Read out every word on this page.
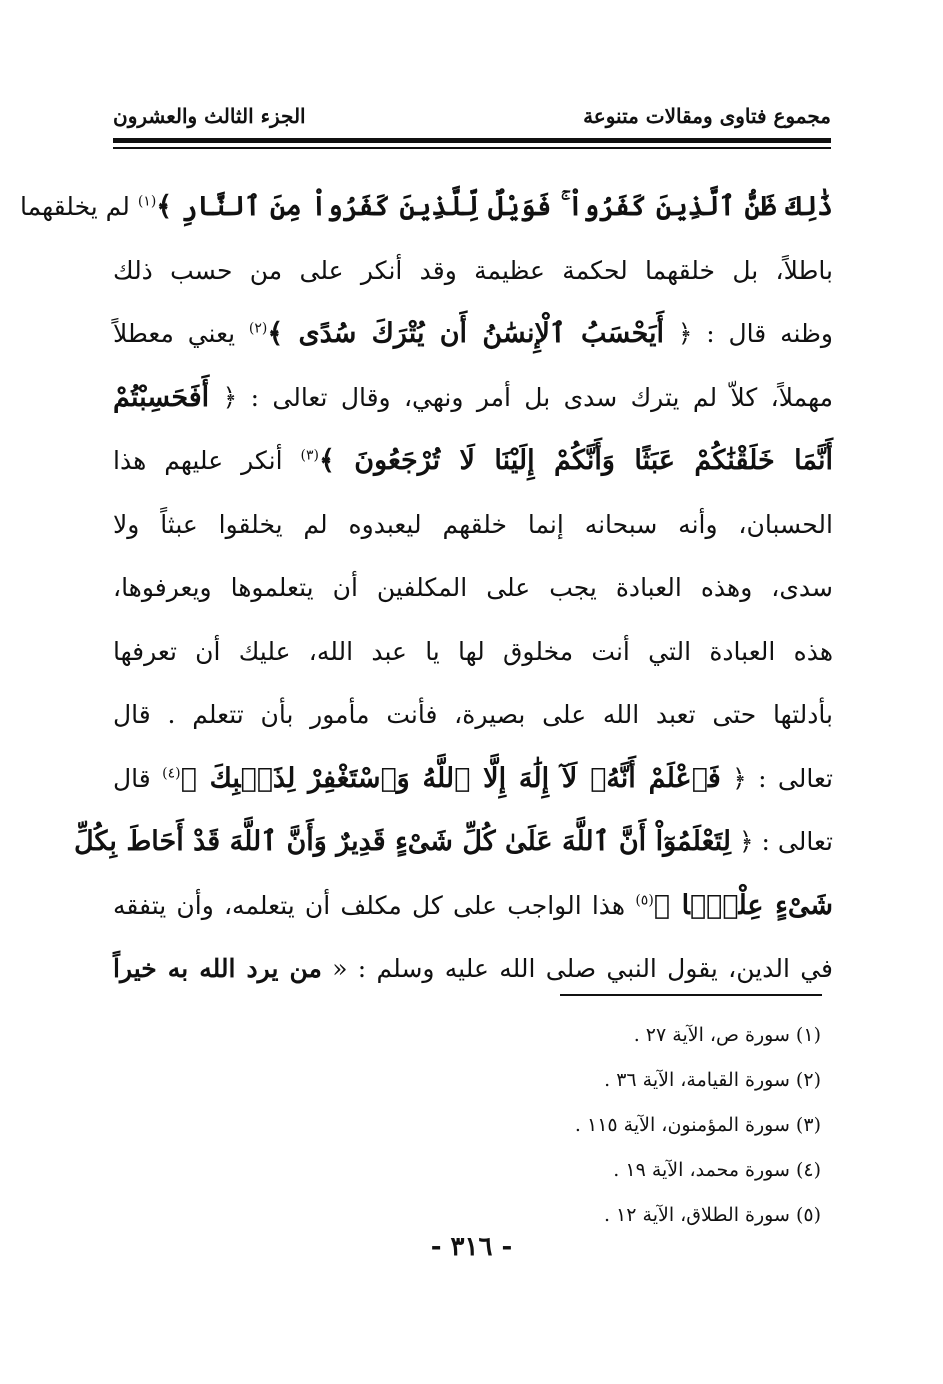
مجموع فتاوى ومقالات متنوعة
الجزء الثالث والعشرون
ذَٰلِكَ ظَنُّ ٱلَّذِينَ كَفَرُواْ ۚ فَوَيْلٌ لِّلَّذِينَ كَفَرُواْ مِنَ ٱلنَّارِ ﴾$^{(١)}$ لم يخلقهما
باطلاً، بل خلقهما لحكمة عظيمة وقد أنكر على من حسب ذلك
وظنه قال : ﴿ أَيَحْسَبُ ٱلْإِنسَٰنُ أَن يُتْرَكَ سُدًى ﴾$^{(٢)}$ يعني معطلاً
مهملاً، كلاّ لم يترك سدى بل أمر ونهي، وقال تعالى : ﴿ أَفَحَسِبْتُمْ
أَنَّمَا خَلَقْنَٰكُمْ عَبَثًا وَأَنَّكُمْ إِلَيْنَا لَا تُرْجَعُونَ ﴾$^{(٣)}$ أنكر عليهم هذا
الحسبان، وأنه سبحانه إنما خلقهم ليعبدوه لم يخلقوا عبثاً ولا
سدى، وهذه العبادة يجب على المكلفين أن يتعلموها ويعرفوها،
هذه العبادة التي أنت مخلوق لها يا عبد الله، عليك أن تعرفها
بأدلتها حتى تعبد الله على بصيرة، فأنت مأمور بأن تتعلم . قال
تعالى : ﴿ فَٱعْلَمْ أَنَّهُۥ لَآ إِلَٰهَ إِلَّا ٱللَّهُ وَٱسْتَغْفِرْ لِذَنۢبِكَ ﴾$^{(٤)}$ قال
تعالى : ﴿ لِتَعْلَمُوٓاْ أَنَّ ٱللَّهَ عَلَىٰ كُلِّ شَىْءٍ قَدِيرٌ وَأَنَّ ٱللَّهَ قَدْ أَحَاطَ بِكُلِّ
شَىْءٍ عِلْمًۢا ﴾$^{(٥)}$ هذا الواجب على كل مكلف أن يتعلمه، وأن يتفقه
في الدين، يقول النبي صلى الله عليه وسلم : « من يرد الله به خيراً
(١) سورة ص، الآية ٢٧ .
(٢) سورة القيامة، الآية ٣٦ .
(٣) سورة المؤمنون، الآية ١١٥ .
(٤) سورة محمد، الآية ١٩ .
(٥) سورة الطلاق، الآية ١٢ .
- ٣١٦ -
